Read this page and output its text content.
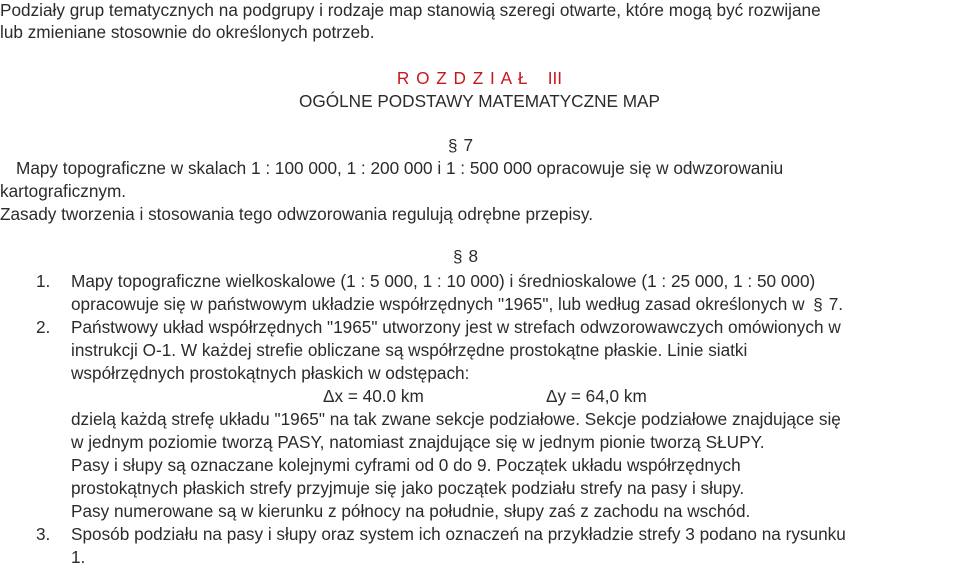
Podziały grup tematycznych na podgrupy i rodzaje map stanowią szeregi otwarte, które mogą być rozwijane
lub zmieniane stosownie do określonych potrzeb.
R O Z D Z I A Ł   III
OGÓLNE PODSTAWY MATEMATYCZNE MAP
§ 7
Mapy topograficzne w skalach 1 : 100 000, 1 : 200 000 i 1 : 500 000 opracowuje się w odwzorowaniu
kartograficznym.
Zasady tworzenia i stosowania tego odwzorowania regulują odrębne przepisy.
§ 8
1. Mapy topograficzne wielkoskalowe (1 : 5 000, 1 : 10 000) i średnioskalowe (1 : 25 000, 1 : 50 000)
opracowuje się w państwowym układzie współrzędnych "1965", lub według zasad określonych w § 7.
2. Państwowy układ współrzędnych "1965" utworzony jest w strefach odwzorowawczych omówionych w
instrukcji O-1. W każdej strefie obliczane są współrzędne prostokątne płaskie. Linie siatki
współrzędnych prostokątnych płaskich w odstępach:
Δx = 40.0 km	Δy = 64,0 km
dzielą każdą strefę układu "1965" na tak zwane sekcje podziałowe. Sekcje podziałowe znajdujące się
w jednym poziomie tworzą PASY, natomiast znajdujące się w jednym pionie tworzą SŁUPY.
Pasy i słupy są oznaczane kolejnymi cyframi od 0 do 9. Początek układu współrzędnych
prostokątnych płaskich strefy przyjmuje się jako początek podziału strefy na pasy i słupy.
Pasy numerowane są w kierunku z północy na południe, słupy zaś z zachodu na wschód.
3. Sposób podziału na pasy i słupy oraz system ich oznaczeń na przykładzie strefy 3 podano na rysunku
1.
